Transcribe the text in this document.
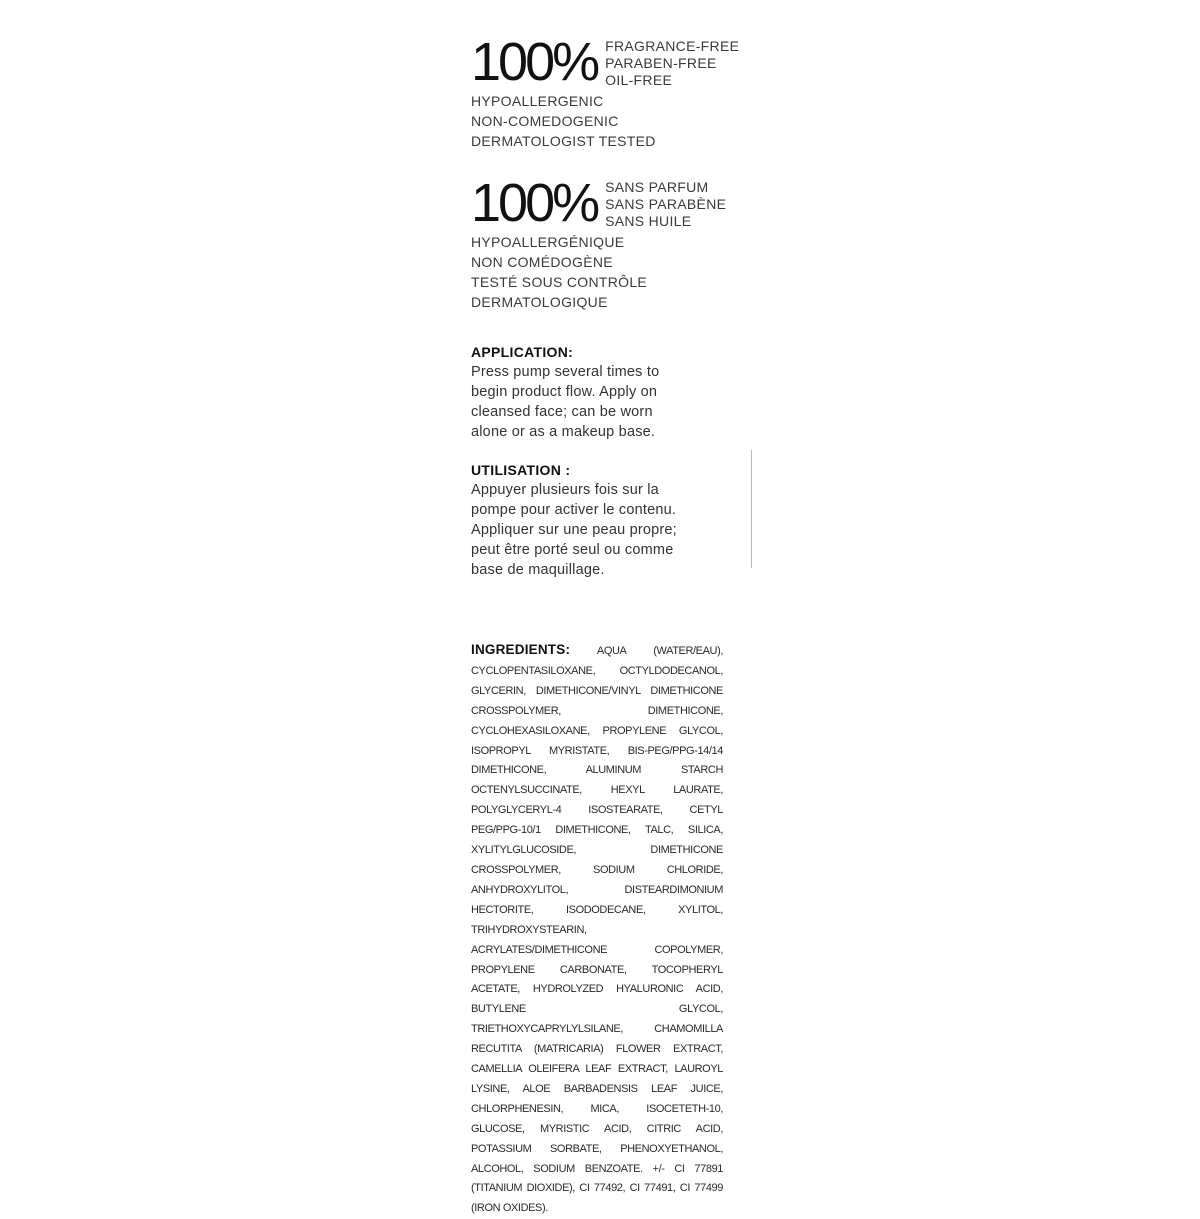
100% FRAGRANCE-FREE
PARABEN-FREE
OIL-FREE
HYPOALLERGENIC
NON-COMEDOGENIC
DERMATOLOGIST TESTED
100% SANS PARFUM
SANS PARABÈNE
SANS HUILE
HYPOALLERGÉNIQUE
NON COMÉDOGÈNE
TESTÉ SOUS CONTRÔLE
DERMATOLOGIQUE
APPLICATION:
Press pump several times to
begin product flow. Apply on
cleansed face; can be worn
alone or as a makeup base.
UTILISATION :
Appuyer plusieurs fois sur la
pompe pour activer le contenu.
Appliquer sur une peau propre;
peut être porté seul ou comme
base de maquillage.
INGREDIENTS: AQUA (WATER/EAU), CYCLOPENTASILOXANE, OCTYLDODECANOL, GLYCERIN, DIMETHICONE/VINYL DIMETHICONE CROSSPOLYMER, DIMETHICONE, CYCLOHEXASILOXANE, PROPYLENE GLYCOL, ISOPROPYL MYRISTATE, BIS-PEG/PPG-14/14 DIMETHICONE, ALUMINUM STARCH OCTENYLSUCCINATE, HEXYL LAURATE, POLYGLYCERYL-4 ISOSTEARATE, CETYL PEG/PPG-10/1 DIMETHICONE, TALC, SILICA, XYLITYLGLUCOSIDE, DIMETHICONE CROSSPOLYMER, SODIUM CHLORIDE, ANHYDROXYLITOL, DISTEARDIMONIUM HECTORITE, ISODODECANE, XYLITOL, TRIHYDROXYSTEARIN, ACRYLATES/DIMETHICONE COPOLYMER, PROPYLENE CARBONATE, TOCOPHERYL ACETATE, HYDROLYZED HYALURONIC ACID, BUTYLENE GLYCOL, TRIETHOXYCAPRYLYLSILANE, CHAMOMILLA RECUTITA (MATRICARIA) FLOWER EXTRACT, CAMELLIA OLEIFERA LEAF EXTRACT, LAUROYL LYSINE, ALOE BARBADENSIS LEAF JUICE, CHLORPHENESIN, MICA, ISOCETETH-10, GLUCOSE, MYRISTIC ACID, CITRIC ACID, POTASSIUM SORBATE, PHENOXYETHANOL, ALCOHOL, SODIUM BENZOATE. +/- CI 77891 (TITANIUM DIOXIDE), CI 77492, CI 77491, CI 77499 (IRON OXIDES).
